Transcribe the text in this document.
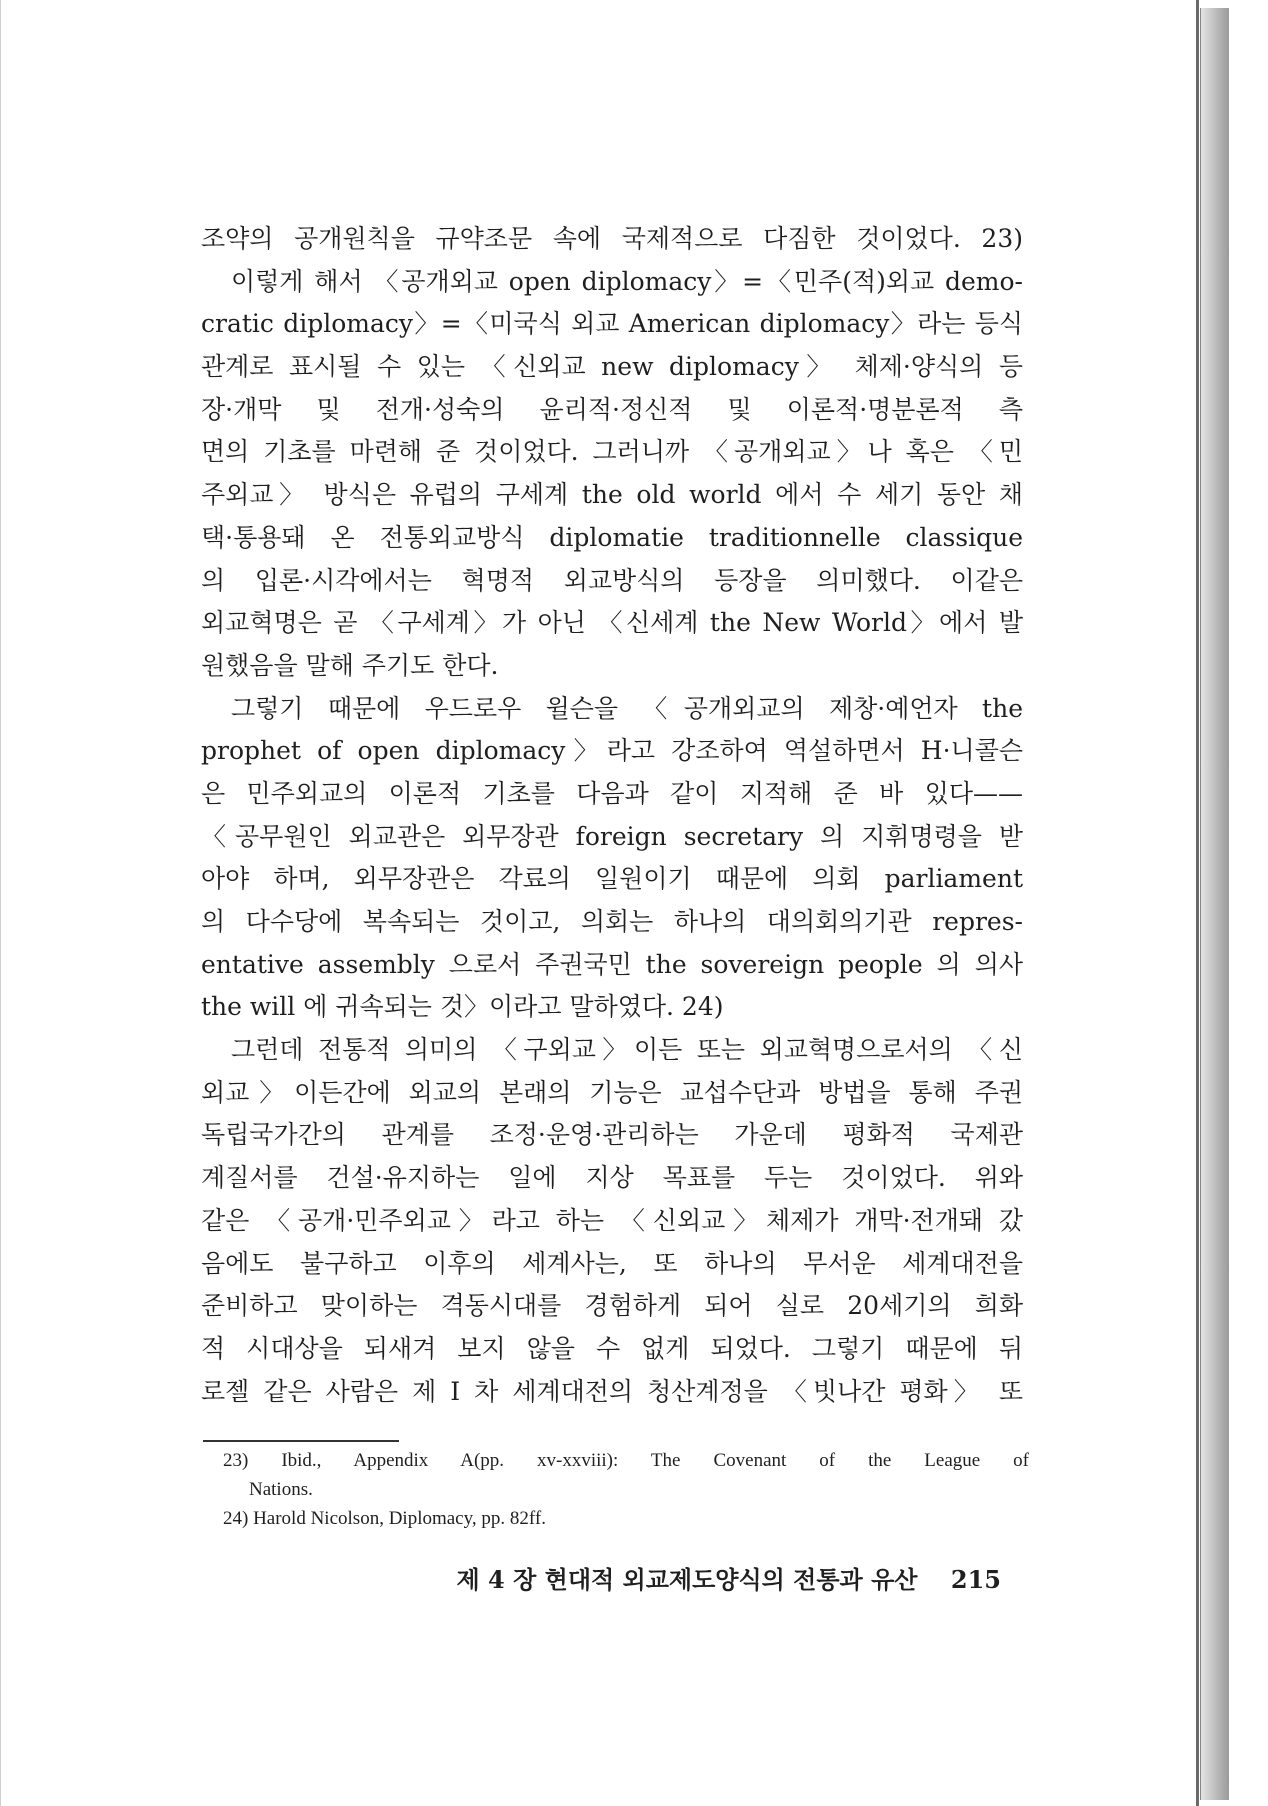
조약의 공개원칙을 규약조문 속에 국제적으로 다짐한 것이었다. 23)
이렇게 해서 〈공개외교 open diplomacy〉=〈민주(적)외교 demo-
cratic diplomacy〉=〈미국식 외교 American diplomacy〉라는 등식
관계로 표시될 수 있는 〈신외교 new diplomacy〉 체제·양식의 등
장·개막 및 전개·성숙의 윤리적·정신적 및 이론적·명분론적 측
면의 기초를 마련해 준 것이었다. 그러니까 〈공개외교〉나 혹은 〈민
주외교〉 방식은 유럽의 구세계 the old world 에서 수 세기 동안 채
택·통용돼 온 전통외교방식 diplomatie traditionnelle classique
의 입론·시각에서는 혁명적 외교방식의 등장을 의미했다. 이같은
외교혁명은 곧 〈구세계〉가 아닌 〈신세계 the New World〉에서 발
원했음을 말해 주기도 한다.
그렇기 때문에 우드로우 윌슨을 〈공개외교의 제창·예언자 the
prophet of open diplomacy〉라고 강조하여 역설하면서 H·니콜슨
은 민주외교의 이론적 기초를 다음과 같이 지적해 준 바 있다——
〈공무원인 외교관은 외무장관 foreign secretary 의 지휘명령을 받
아야 하며, 외무장관은 각료의 일원이기 때문에 의회 parliament
의 다수당에 복속되는 것이고, 의회는 하나의 대의회의기관 repres-
entative assembly 으로서 주권국민 the sovereign people 의 의사
the will 에 귀속되는 것〉이라고 말하였다. 24)
그런데 전통적 의미의 〈구외교〉이든 또는 외교혁명으로서의 〈신
외교〉이든간에 외교의 본래의 기능은 교섭수단과 방법을 통해 주권
독립국가간의 관계를 조정·운영·관리하는 가운데 평화적 국제관
계질서를 건설·유지하는 일에 지상 목표를 두는 것이었다. 위와
같은 〈공개·민주외교〉라고 하는 〈신외교〉체제가 개막·전개돼 갔
음에도 불구하고 이후의 세계사는, 또 하나의 무서운 세계대전을
준비하고 맞이하는 격동시대를 경험하게 되어 실로 20세기의 희화
적 시대상을 되새겨 보지 않을 수 없게 되었다. 그렇기 때문에 뒤
로젤 같은 사람은 제 I 차 세계대전의 청산계정을 〈빗나간 평화〉 또
23) Ibid., Appendix A(pp. xv-xxviii): The Covenant of the League of
Nations.
24) Harold Nicolson, Diplomacy, pp. 82ff.
제 4 장 현대적 외교제도양식의 전통과 유산 215
